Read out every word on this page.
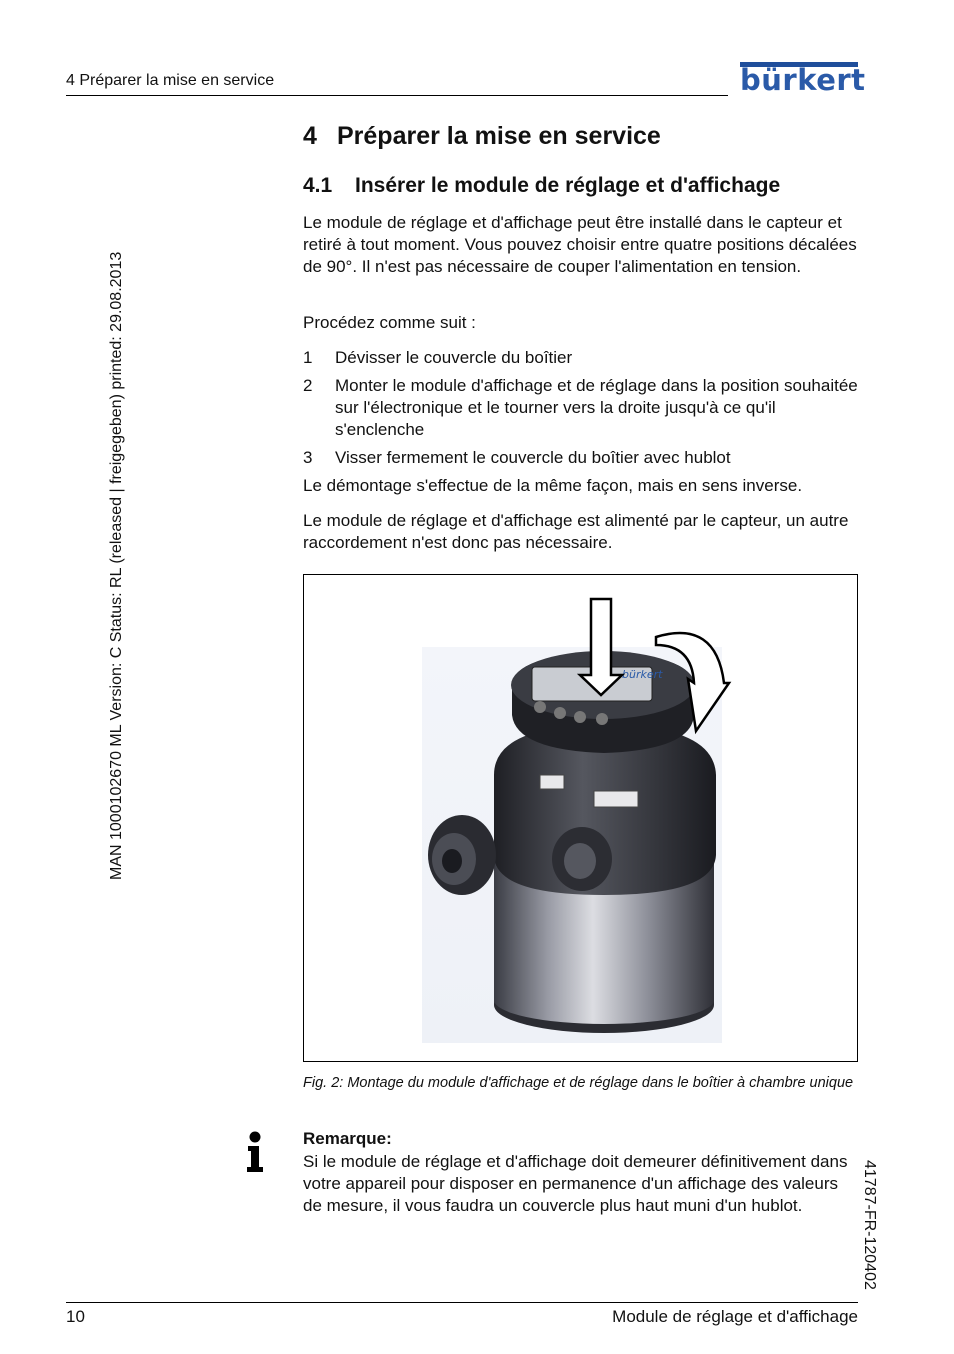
4 Préparer la mise en service	bürkert
MAN 1000102670 ML Version: C Status: RL (released | freigegeben) printed: 29.08.2013
41787-FR-120402
4 Préparer la mise en service
4.1 Insérer le module de réglage et d'affichage
Le module de réglage et d'affichage peut être installé dans le capteur et retiré à tout moment. Vous pouvez choisir entre quatre positions décalées de 90°. Il n'est pas nécessaire de couper l'alimentation en tension.
Procédez comme suit :
1 Dévisser le couvercle du boîtier
2 Monter le module d'affichage et de réglage dans la position souhaitée sur l'électronique et le tourner vers la droite jusqu'à ce qu'il s'enclenche
3 Visser fermement le couvercle du boîtier avec hublot
Le démontage s'effectue de la même façon, mais en sens inverse.
Le module de réglage et d'affichage est alimenté par le capteur, un autre raccordement n'est donc pas nécessaire.
bürkert
Fig. 2: Montage du module d'affichage et de réglage dans le boîtier à chambre unique
Remarque:
Si le module de réglage et d'affichage doit demeurer définitivement dans votre appareil pour disposer en permanence d'un affichage des valeurs de mesure, il vous faudra un couvercle plus haut muni d'un hublot.
10	Module de réglage et d'affichage
